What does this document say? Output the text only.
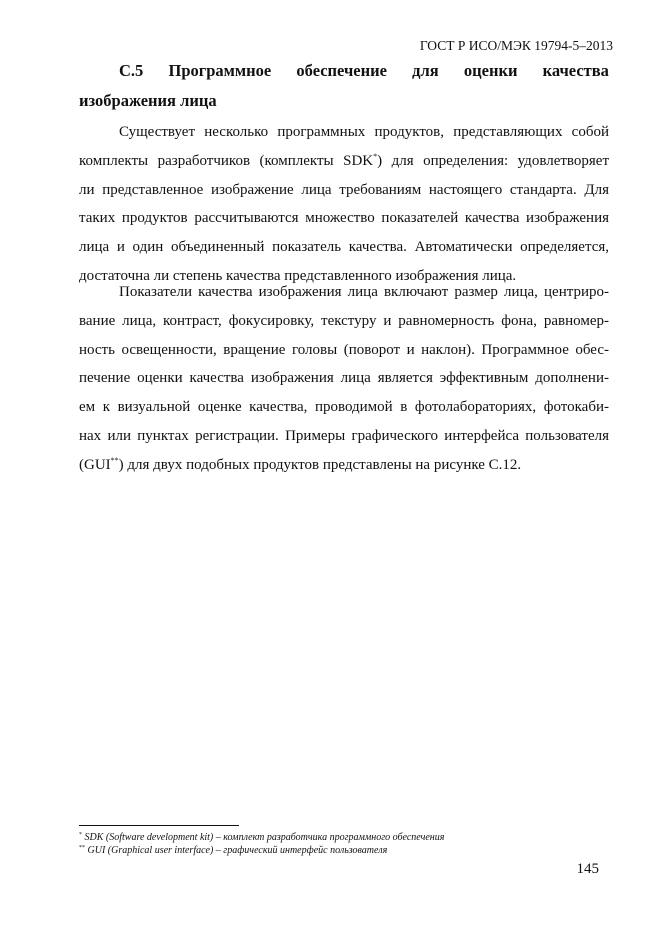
ГОСТ Р ИСО/МЭК 19794-5–2013
С.5 Программное обеспечение для оценки качества
изображения лица
Существует несколько программных продуктов, представляющих собой
комплекты разработчиков (комплекты SDK*) для определения: удовлетворяет
ли представленное изображение лица требованиям настоящего стандарта. Для
таких продуктов рассчитываются множество показателей качества изображения
лица и один объединенный показатель качества. Автоматически определяется,
достаточна ли степень качества представленного изображения лица.
Показатели качества изображения лица включают размер лица, центриро-
вание лица, контраст, фокусировку, текстуру и равномерность фона, равномер-
ность освещенности, вращение головы (поворот и наклон). Программное обес-
печение оценки качества изображения лица является эффективным дополнени-
ем к визуальной оценке качества, проводимой в фотолабораториях, фотокаби-
нах или пунктах регистрации. Примеры графического интерфейса пользователя
(GUI**) для двух подобных продуктов представлены на рисунке С.12.
* SDK (Software development kit) – комплект разработчика программного обеспечения
** GUI (Graphical user interface) – графический интерфейс пользователя
145
